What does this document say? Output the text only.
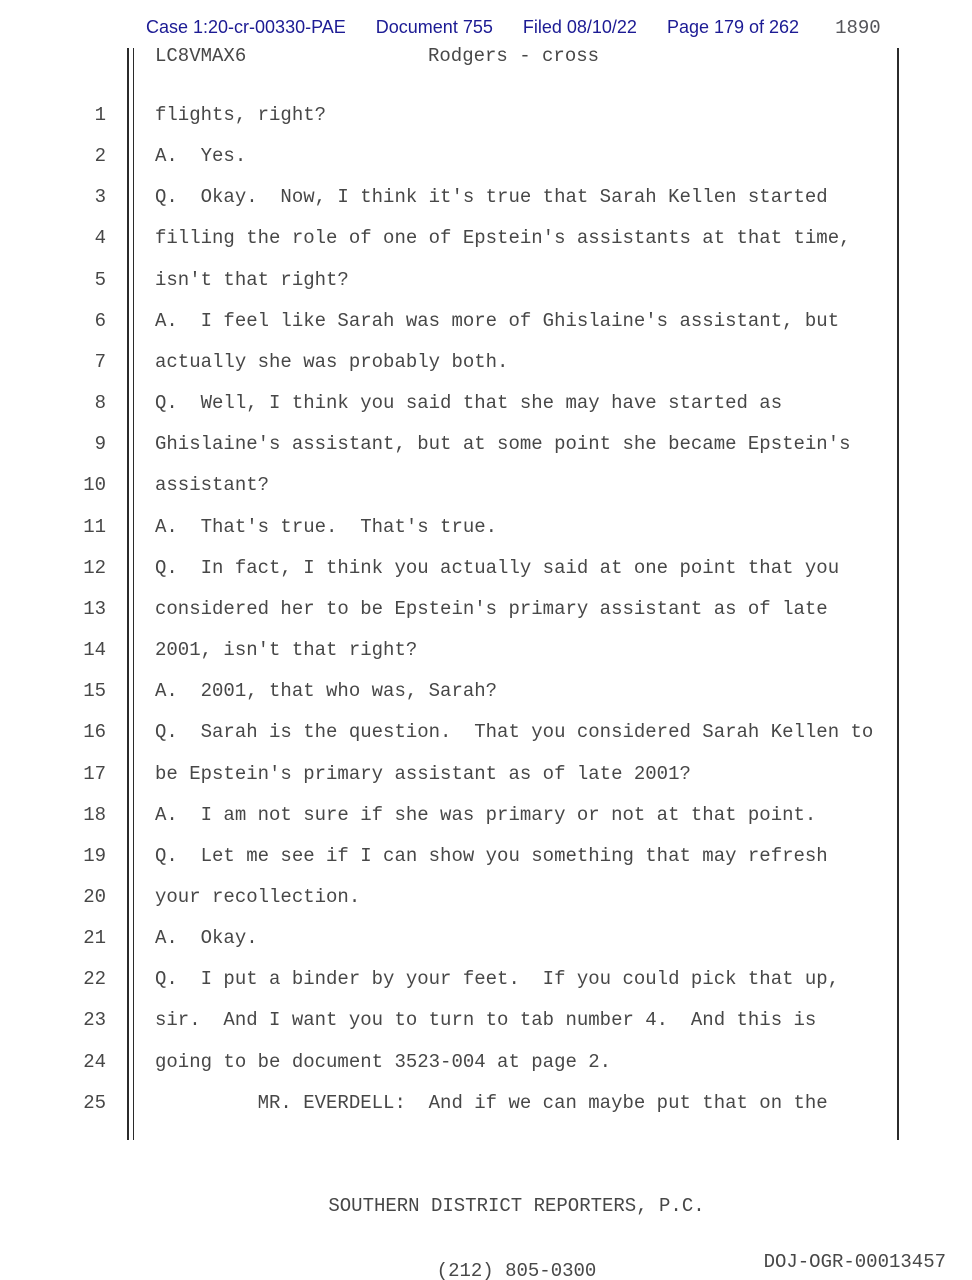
Case 1:20-cr-00330-PAE Document 755 Filed 08/10/22 Page 179 of 262 1890
LC8VMAX6	Rodgers - cross
1	flights, right?
2	A.  Yes.
3	Q.  Okay.  Now, I think it's true that Sarah Kellen started
4	filling the role of one of Epstein's assistants at that time,
5	isn't that right?
6	A.  I feel like Sarah was more of Ghislaine's assistant, but
7	actually she was probably both.
8	Q.  Well, I think you said that she may have started as
9	Ghislaine's assistant, but at some point she became Epstein's
10	assistant?
11	A.  That's true.  That's true.
12	Q.  In fact, I think you actually said at one point that you
13	considered her to be Epstein's primary assistant as of late
14	2001, isn't that right?
15	A.  2001, that who was, Sarah?
16	Q.  Sarah is the question.  That you considered Sarah Kellen to
17	be Epstein's primary assistant as of late 2001?
18	A.  I am not sure if she was primary or not at that point.
19	Q.  Let me see if I can show you something that may refresh
20	your recollection.
21	A.  Okay.
22	Q.  I put a binder by your feet.  If you could pick that up,
23	sir.  And I want you to turn to tab number 4.  And this is
24	going to be document 3523-004 at page 2.
25	MR. EVERDELL:  And if we can maybe put that on the

SOUTHERN DISTRICT REPORTERS, P.C.

(212) 805-0300

	DOJ-OGR-00013457
